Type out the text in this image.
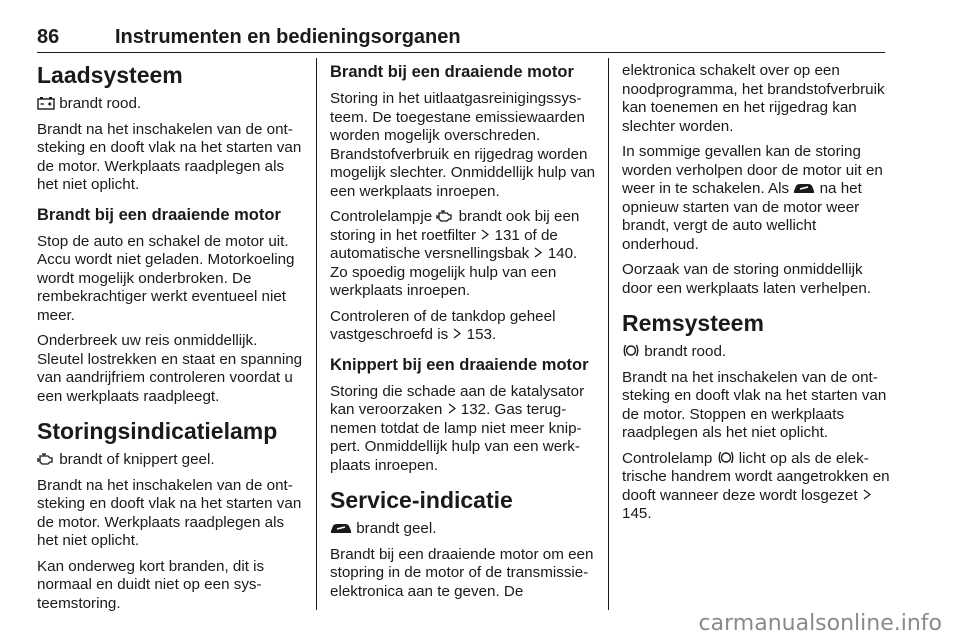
86	Instrumenten en bedieningsorganen
Laadsysteem

brandt rood.

Brandt na het inschakelen van de ontsteking en dooft vlak na het starten van de motor. Werkplaats raadplegen als het niet oplicht.

Brandt bij een draaiende motor

Stop de auto en schakel de motor uit. Accu wordt niet geladen. Motorkoeling wordt mogelijk onderbroken. De rembekrachtiger werkt eventueel niet meer.

Onderbreek uw reis onmiddellijk. Sleutel lostrekken en staat en spanning van aandrijfriem controleren voordat u een werkplaats raadpleegt.

Storingsindicatielamp

brandt of knippert geel.

Brandt na het inschakelen van de ontsteking en dooft vlak na het starten van de motor. Werkplaats raadplegen als het niet oplicht.

Kan onderweg kort branden, dit is normaal en duidt niet op een systeemstoring.

Brandt bij een draaiende motor

Storing in het uitlaatgasreinigingssysteem. De toegestane emissiewaarden worden mogelijk overschreden. Brandstofverbruik en rijgedrag worden mogelijk slechter. Onmiddellijk hulp van een werkplaats inroepen.

Controlelampje  brandt ook bij een storing in het roetfilter  131 of de automatische versnellingsbak  140. Zo spoedig mogelijk hulp van een werkplaats inroepen.

Controleren of de tankdop geheel vastgeschroefd is  153.

Knippert bij een draaiende motor

Storing die schade aan de katalysator kan veroorzaken  132. Gas terugnemen totdat de lamp niet meer knippert. Onmiddellijk hulp van een werkplaats inroepen.

Service-indicatie

brandt geel.

Brandt bij een draaiende motor om een stopring in de motor of de transmissie-elektronica aan te geven. De

elektronica schakelt over op een noodprogramma, het brandstofverbruik kan toenemen en het rijgedrag kan slechter worden.

In sommige gevallen kan de storing worden verholpen door de motor uit en weer in te schakelen. Als  na het opnieuw starten van de motor weer brandt, vergt de auto wellicht onderhoud.

Oorzaak van de storing onmiddellijk door een werkplaats laten verhelpen.

Remsysteem

brandt rood.

Brandt na het inschakelen van de ontsteking en dooft vlak na het starten van de motor. Stoppen en werkplaats raadplegen als het niet oplicht.

Controlelamp  licht op als de elektrische handrem wordt aangetrokken en dooft wanneer deze wordt losgezet  145.

carmanualsonline.info
